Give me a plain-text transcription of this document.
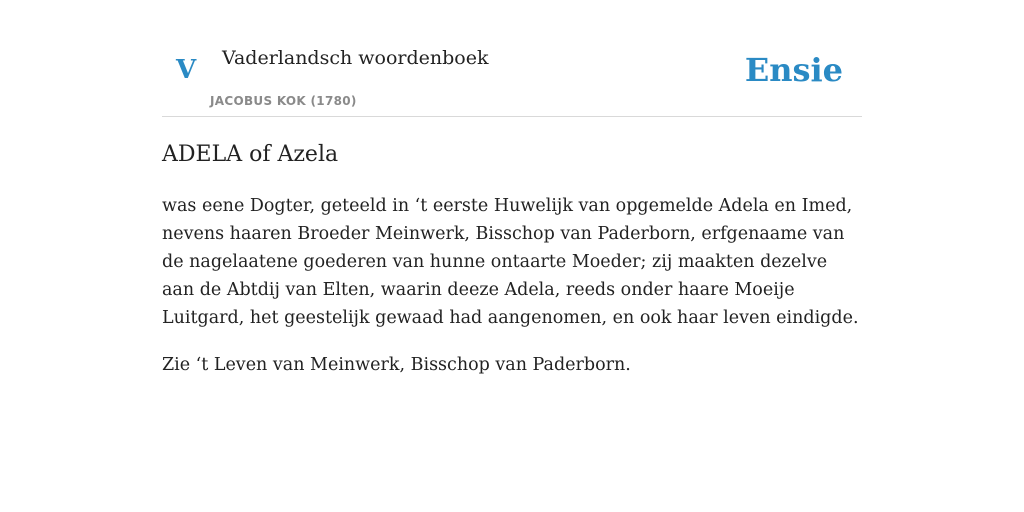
V Vaderlandsch woordenboek
JACOBUS KOK (1780)
Ensie
ADELA of Azela

was eene Dogter, geteeld in ‘t eerste Huwelijk van opgemelde Adela en Imed, nevens haaren Broeder Meinwerk, Bisschop van Paderborn, erfgenaame van de nagelaatene goederen van hunne ontaarte Moeder; zij maakten dezelve aan de Abtdij van Elten, waarin deeze Adela, reeds onder haare Moeije Luitgard, het geestelijk gewaad had aangenomen, en ook haar leven eindigde.

Zie ‘t Leven van Meinwerk, Bisschop van Paderborn.
